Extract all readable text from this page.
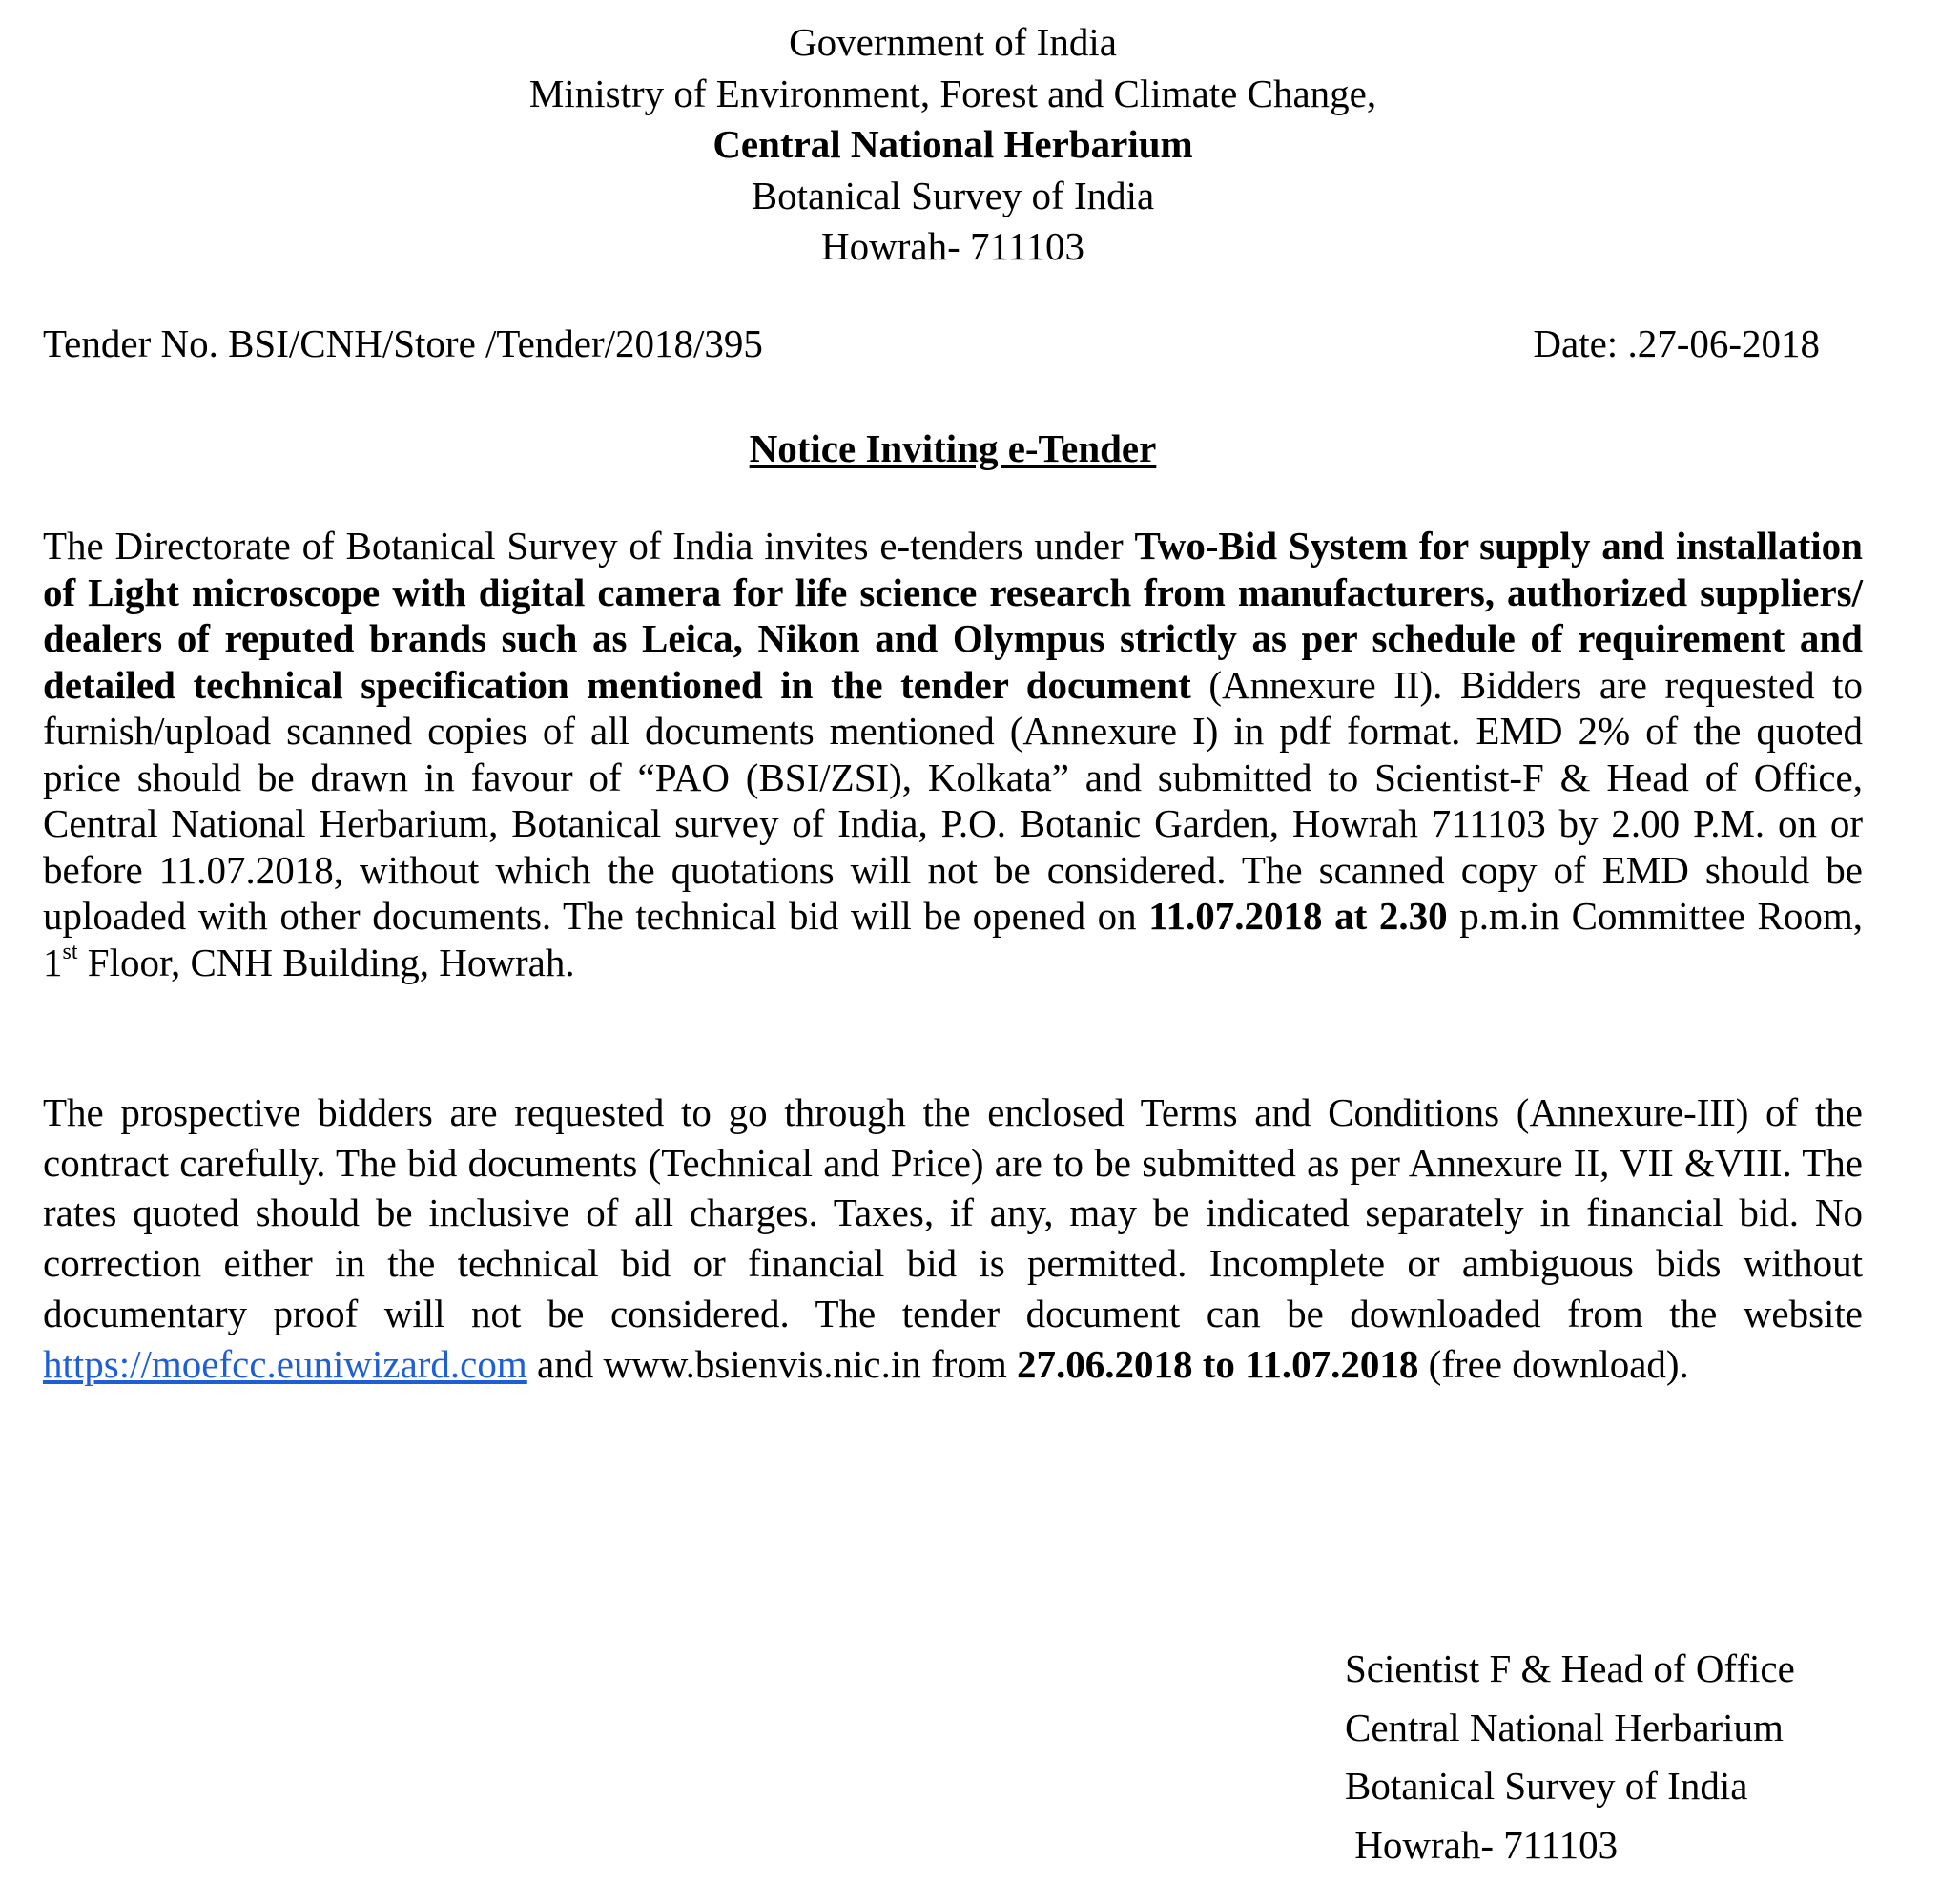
Government of India
Ministry of Environment, Forest and Climate Change,
Central National Herbarium
Botanical Survey of India
Howrah- 711103
Tender No. BSI/CNH/Store /Tender/2018/395	Date: .27-06-2018
Notice Inviting e-Tender
The Directorate of Botanical Survey of India invites e-tenders under Two-Bid System for supply and installation of Light microscope with digital camera for life science research from manufacturers, authorized suppliers/ dealers of reputed brands such as Leica, Nikon and Olympus strictly as per schedule of requirement and detailed technical specification mentioned in the tender document (Annexure II). Bidders are requested to furnish/upload scanned copies of all documents mentioned (Annexure I) in pdf format. EMD 2% of the quoted price should be drawn in favour of “PAO (BSI/ZSI), Kolkata” and submitted to Scientist-F & Head of Office, Central National Herbarium, Botanical survey of India, P.O. Botanic Garden, Howrah 711103 by 2.00 P.M. on or before 11.07.2018, without which the quotations will not be considered. The scanned copy of EMD should be uploaded with other documents. The technical bid will be opened on 11.07.2018 at 2.30 p.m.in Committee Room, 1st Floor, CNH Building, Howrah.
The prospective bidders are requested to go through the enclosed Terms and Conditions (Annexure-III) of the contract carefully. The bid documents (Technical and Price) are to be submitted as per Annexure II, VII &VIII. The rates quoted should be inclusive of all charges. Taxes, if any, may be indicated separately in financial bid. No correction either in the technical bid or financial bid is permitted. Incomplete or ambiguous bids without documentary proof will not be considered. The tender document can be downloaded from the website https://moefcc.euniwizard.com and www.bsienvis.nic.in from 27.06.2018 to 11.07.2018 (free download).
Scientist F & Head of Office
Central National Herbarium
Botanical Survey of India
Howrah- 711103
